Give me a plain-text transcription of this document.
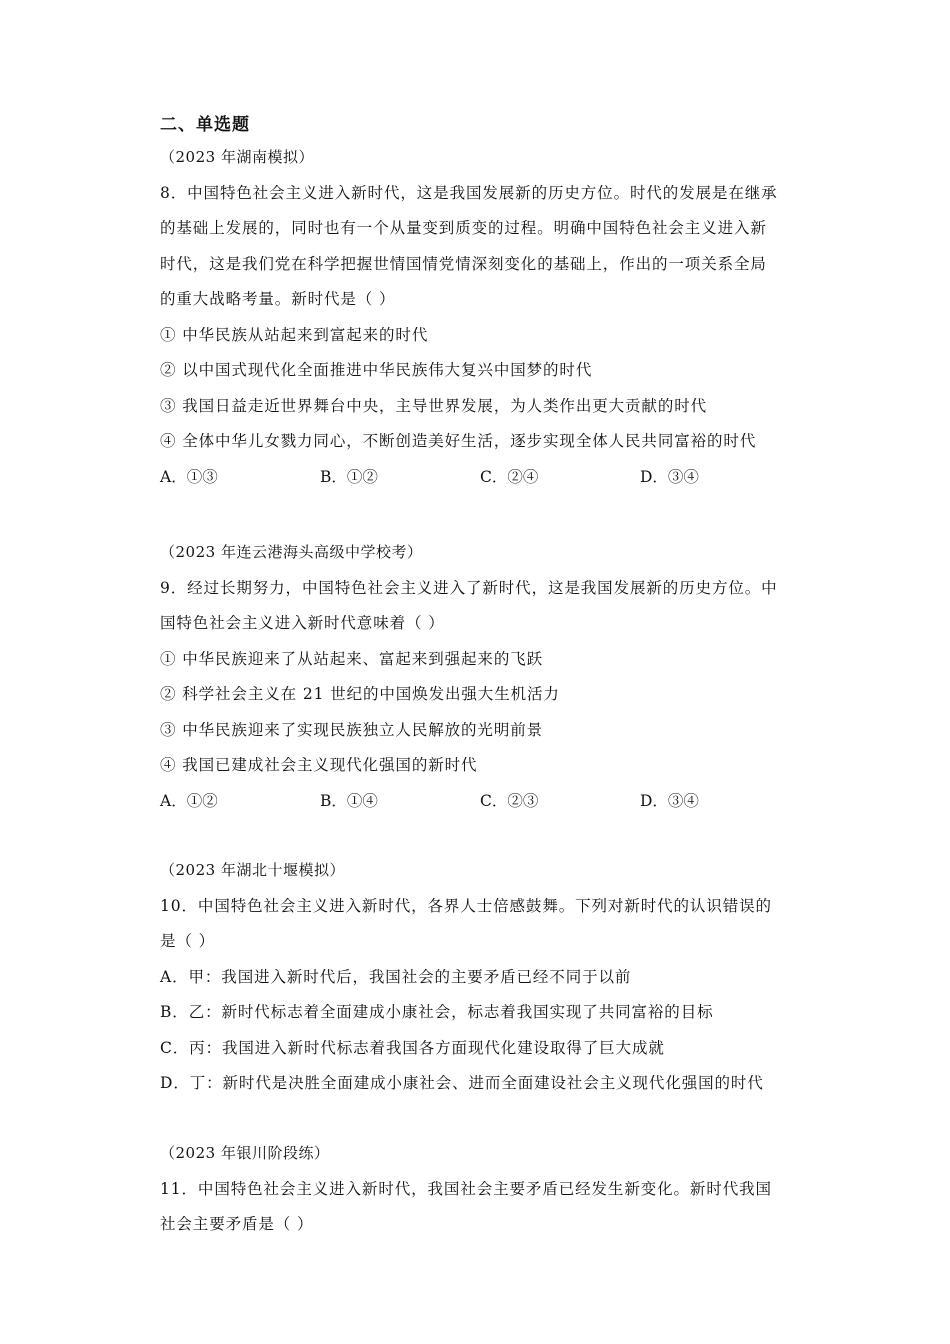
二、单选题
（2023 年湖南模拟）
8．中国特色社会主义进入新时代，这是我国发展新的历史方位。时代的发展是在继承
的基础上发展的，同时也有一个从量变到质变的过程。明确中国特色社会主义进入新
时代，这是我们党在科学把握世情国情党情深刻变化的基础上，作出的一项关系全局
的重大战略考量。新时代是（ ）
① 中华民族从站起来到富起来的时代
② 以中国式现代化全面推进中华民族伟大复兴中国梦的时代
③ 我国日益走近世界舞台中央，主导世界发展，为人类作出更大贡献的时代
④ 全体中华儿女戮力同心，不断创造美好生活，逐步实现全体人民共同富裕的时代
A．①③	B．①②	C．②④	D．③④
（2023 年连云港海头高级中学校考）
9．经过长期努力，中国特色社会主义进入了新时代，这是我国发展新的历史方位。中
国特色社会主义进入新时代意味着（ ）
① 中华民族迎来了从站起来、富起来到强起来的飞跃
② 科学社会主义在 21 世纪的中国焕发出强大生机活力
③ 中华民族迎来了实现民族独立人民解放的光明前景
④ 我国已建成社会主义现代化强国的新时代
A．①②	B．①④	C．②③	D．③④
（2023 年湖北十堰模拟）
10．中国特色社会主义进入新时代，各界人士倍感鼓舞。下列对新时代的认识错误的
是（ ）
A．甲：我国进入新时代后，我国社会的主要矛盾已经不同于以前
B．乙：新时代标志着全面建成小康社会，标志着我国实现了共同富裕的目标
C．丙：我国进入新时代标志着我国各方面现代化建设取得了巨大成就
D．丁：新时代是决胜全面建成小康社会、进而全面建设社会主义现代化强国的时代
（2023 年银川阶段练）
11．中国特色社会主义进入新时代，我国社会主要矛盾已经发生新变化。新时代我国
社会主要矛盾是（ ）
